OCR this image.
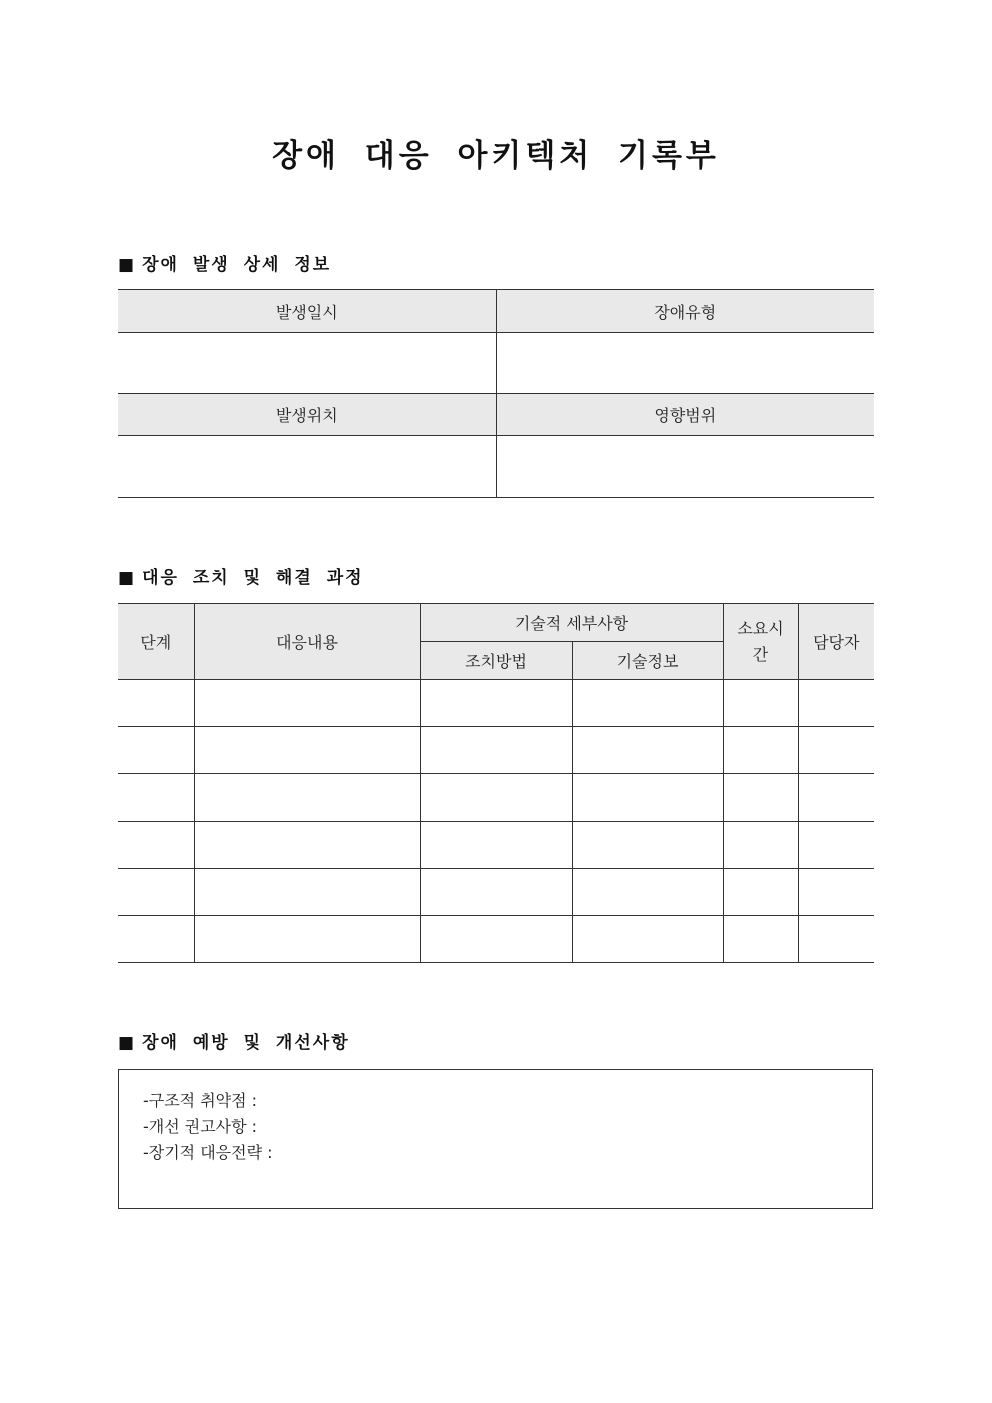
장애 대응 아키텍처 기록부
■ 장애 발생 상세 정보
발생일시	장애유형

발생위치	영향범위

■ 대응 조치 및 해결 과정
단계	대응내용	기술적 세부사항		소요시간	담당자
		조치방법	기술정보		

■ 장애 예방 및 개선사항
-구조적 취약점 :
-개선 권고사항 :
-장기적 대응전략 :
